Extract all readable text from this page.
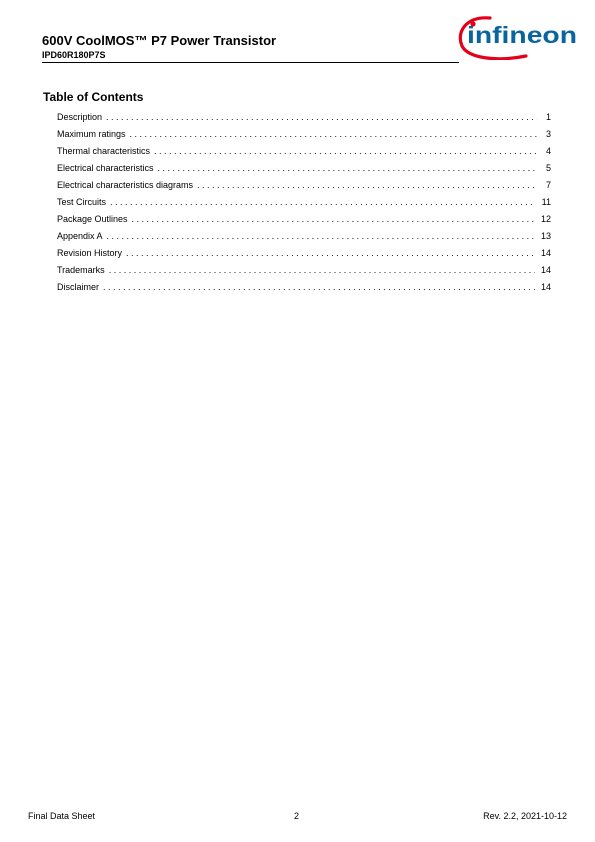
600V CoolMOS™ P7 Power Transistor
IPD60R180P7S
infineon
Table of Contents
Description . . .	1
Maximum ratings . . .	3
Thermal characteristics . . .	4
Electrical characteristics . . .	5
Electrical characteristics diagrams . . .	7
Test Circuits . . .	11
Package Outlines . . .	12
Appendix A . . .	13
Revision History . . .	14
Trademarks . . .	14
Disclaimer . . .	14
Final Data Sheet	2	Rev. 2.2, 2021-10-12
